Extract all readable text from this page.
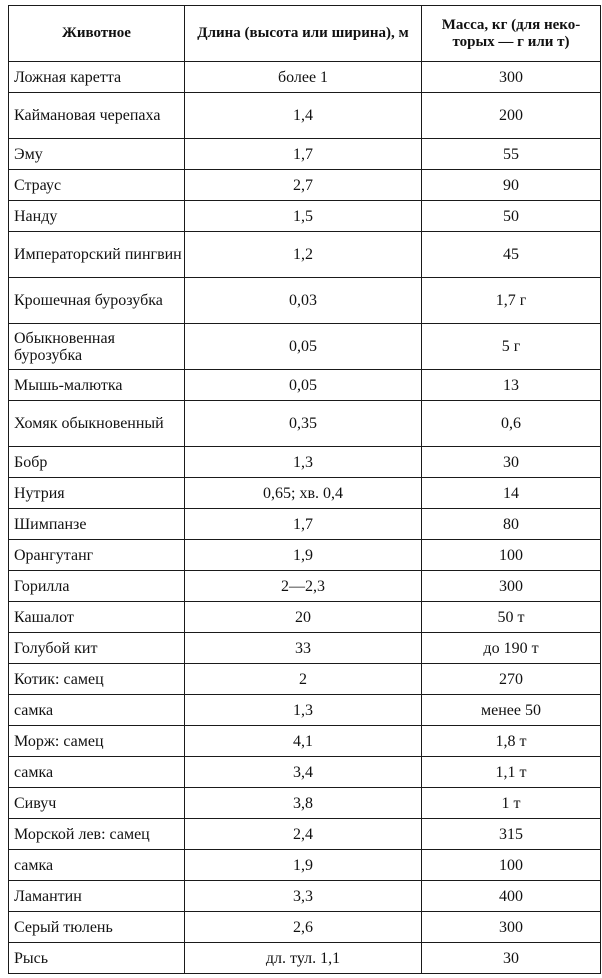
Животное	Длина (высота или ширина), м	Масса, кг (для неко-торых — г или т)
Ложная каретта	более 1	300
Каймановая черепаха	1,4	200
Эму	1,7	55
Страус	2,7	90
Нанду	1,5	50
Императорский пингвин	1,2	45
Крошечная бурозубка	0,03	1,7 г
Обыкновенная бурозубка	0,05	5 г
Мышь-малютка	0,05	13
Хомяк обыкновенный	0,35	0,6
Бобр	1,3	30
Нутрия	0,65; хв. 0,4	14
Шимпанзе	1,7	80
Орангутанг	1,9	100
Горилла	2—2,3	300
Кашалот	20	50 т
Голубой кит	33	до 190 т
Котик: самец	2	270
самка	1,3	менее 50
Морж: самец	4,1	1,8 т
самка	3,4	1,1 т
Сивуч	3,8	1 т
Морской лев: самец	2,4	315
самка	1,9	100
Ламантин	3,3	400
Серый тюлень	2,6	300
Рысь	дл. тул. 1,1	30
